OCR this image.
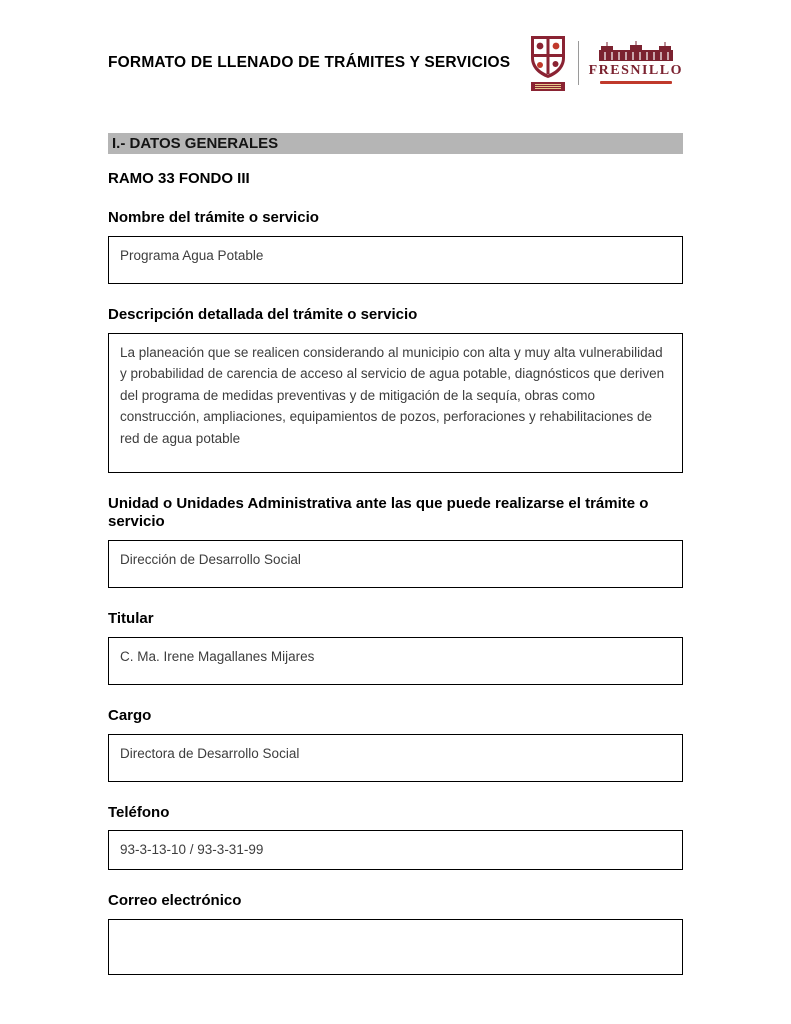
FORMATO DE LLENADO DE TRÁMITES Y SERVICIOS	FRESNILLO
I.- DATOS GENERALES
RAMO 33 FONDO III
Nombre del trámite o servicio
Programa Agua Potable
Descripción detallada del trámite o servicio
La planeación que se realicen considerando al municipio con alta y muy alta vulnerabilidad y probabilidad de carencia de acceso al servicio de agua potable, diagnósticos que deriven del programa de medidas preventivas y de mitigación de la sequía, obras como construcción, ampliaciones, equipamientos de pozos, perforaciones y rehabilitaciones de red de agua potable
Unidad o Unidades Administrativa ante las que puede realizarse el trámite o servicio
Dirección de Desarrollo Social
Titular
C. Ma. Irene Magallanes Mijares
Cargo
Directora de Desarrollo Social
Teléfono
93-3-13-10 / 93-3-31-99
Correo electrónico
